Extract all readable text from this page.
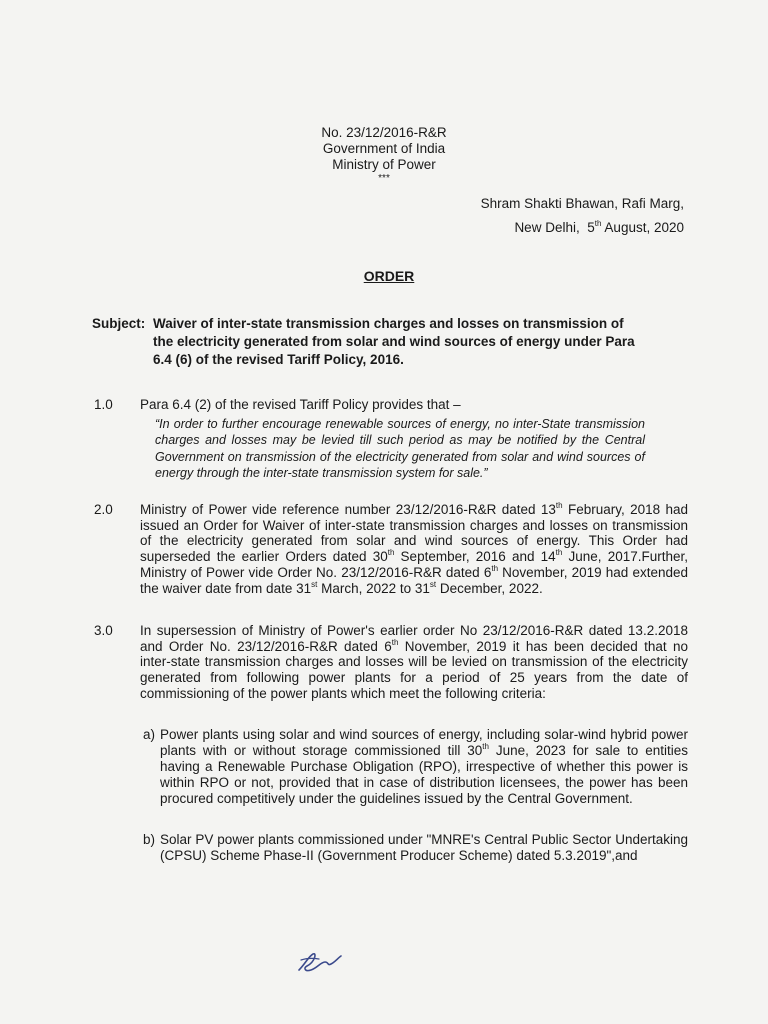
No. 23/12/2016-R&R
Government of India
Ministry of Power
***
Shram Shakti Bhawan, Rafi Marg,
New Delhi, 5th August, 2020
ORDER
Subject: Waiver of inter-state transmission charges and losses on transmission of
the electricity generated from solar and wind sources of energy under Para
6.4 (6) of the revised Tariff Policy, 2016.
1.0 Para 6.4 (2) of the revised Tariff Policy provides that –
“In order to further encourage renewable sources of energy, no inter-State transmission charges and losses may be levied till such period as may be notified by the Central Government on transmission of the electricity generated from solar and wind sources of energy through the inter-state transmission system for sale.”
2.0 Ministry of Power vide reference number 23/12/2016-R&R dated 13th February, 2018 had issued an Order for Waiver of inter-state transmission charges and losses on transmission of the electricity generated from solar and wind sources of energy. This Order had superseded the earlier Orders dated 30th September, 2016 and 14th June, 2017.Further, Ministry of Power vide Order No. 23/12/2016-R&R dated 6th November, 2019 had extended the waiver date from date 31st March, 2022 to 31st December, 2022.
3.0 In supersession of Ministry of Power's earlier order No 23/12/2016-R&R dated 13.2.2018 and Order No. 23/12/2016-R&R dated 6th November, 2019 it has been decided that no inter-state transmission charges and losses will be levied on transmission of the electricity generated from following power plants for a period of 25 years from the date of commissioning of the power plants which meet the following criteria:
a) Power plants using solar and wind sources of energy, including solar-wind hybrid power plants with or without storage commissioned till 30th June, 2023 for sale to entities having a Renewable Purchase Obligation (RPO), irrespective of whether this power is within RPO or not, provided that in case of distribution licensees, the power has been procured competitively under the guidelines issued by the Central Government.
b) Solar PV power plants commissioned under "MNRE's Central Public Sector Undertaking (CPSU) Scheme Phase-II (Government Producer Scheme) dated 5.3.2019",and
